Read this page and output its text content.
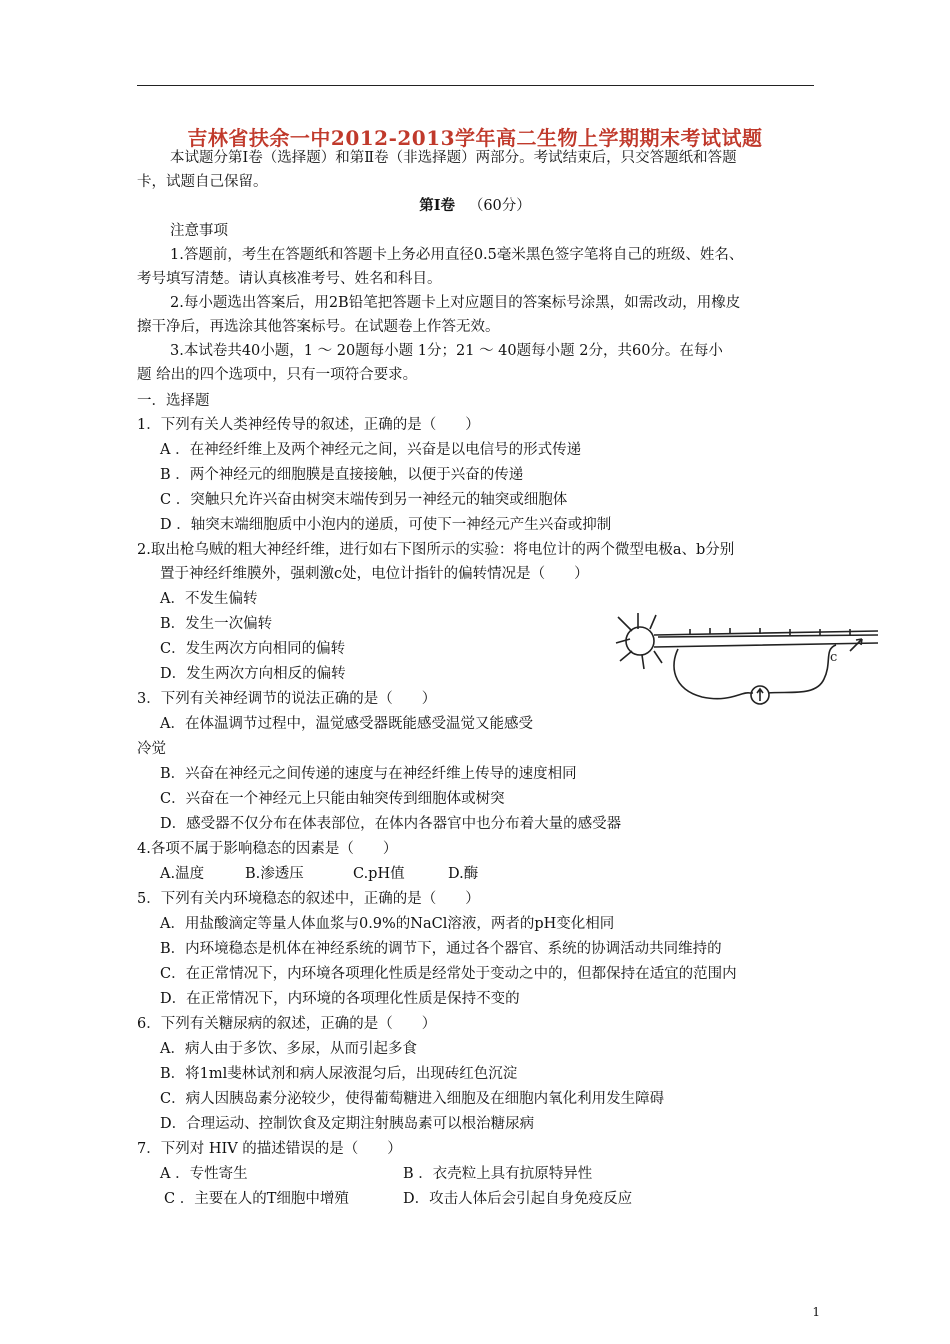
吉林省扶余一中2012-2013学年高二生物上学期期末考试试题
本试题分第Ⅰ卷（选择题）和第Ⅱ卷（非选择题）两部分。考试结束后，只交答题纸和答题
卡，试题自己保留。
第Ⅰ卷 （60分）
注意事项
1.答题前，考生在答题纸和答题卡上务必用直径0.5毫米黑色签字笔将自己的班级、姓名、
考号填写清楚。请认真核准考号、姓名和科目。
2.每小题选出答案后，用2B铅笔把答题卡上对应题目的答案标号涂黑，如需改动，用橡皮
擦干净后，再选涂其他答案标号。在试题卷上作答无效。
3.本试卷共40小题，1 ～ 20题每小题 1分；21 ～ 40题每小题 2分，共60分。在每小
题 给出的四个选项中，只有一项符合要求。
一．选择题
1．下列有关人类神经传导的叙述，正确的是（　　）
A ．在神经纤维上及两个神经元之间，兴奋是以电信号的形式传递
B ．两个神经元的细胞膜是直接接触，以便于兴奋的传递
C ．突触只允许兴奋由树突末端传到另一神经元的轴突或细胞体
D ．轴突末端细胞质中小泡内的递质，可使下一神经元产生兴奋或抑制
2.取出枪乌贼的粗大神经纤维，进行如右下图所示的实验：将电位计的两个微型电极a、b分别
置于神经纤维膜外，强刺激c处，电位计指针的偏转情况是（　　）
A．不发生偏转
B．发生一次偏转
C．发生两次方向相同的偏转
D．发生两次方向相反的偏转
c
3．下列有关神经调节的说法正确的是（　　）
A．在体温调节过程中，温觉感受器既能感受温觉又能感受
冷觉
B．兴奋在神经元之间传递的速度与在神经纤维上传导的速度相同
C．兴奋在一个神经元上只能由轴突传到细胞体或树突
D．感受器不仅分布在体表部位，在体内各器官中也分布着大量的感受器
4.各项不属于影响稳态的因素是（　　）
A.温度	B.渗透压	C.pH值	D.酶
5．下列有关内环境稳态的叙述中，正确的是（　　）
A．用盐酸滴定等量人体血浆与0.9%的NaCl溶液，两者的pH变化相同
B．内环境稳态是机体在神经系统的调节下，通过各个器官、系统的协调活动共同维持的
C．在正常情况下，内环境各项理化性质是经常处于变动之中的，但都保持在适宜的范围内
D．在正常情况下，内环境的各项理化性质是保持不变的
6．下列有关糖尿病的叙述，正确的是（　　）
A．病人由于多饮、多尿，从而引起多食
B．将1ml斐林试剂和病人尿液混匀后，出现砖红色沉淀
C．病人因胰岛素分泌较少，使得葡萄糖进入细胞及在细胞内氧化利用发生障碍
D．合理运动、控制饮食及定期注射胰岛素可以根治糖尿病
7．下列对 HIV 的描述错误的是（　　）
A ．专性寄生	B ．衣壳粒上具有抗原特异性
C ．主要在人的T细胞中增殖	D．攻击人体后会引起自身免疫反应
1
